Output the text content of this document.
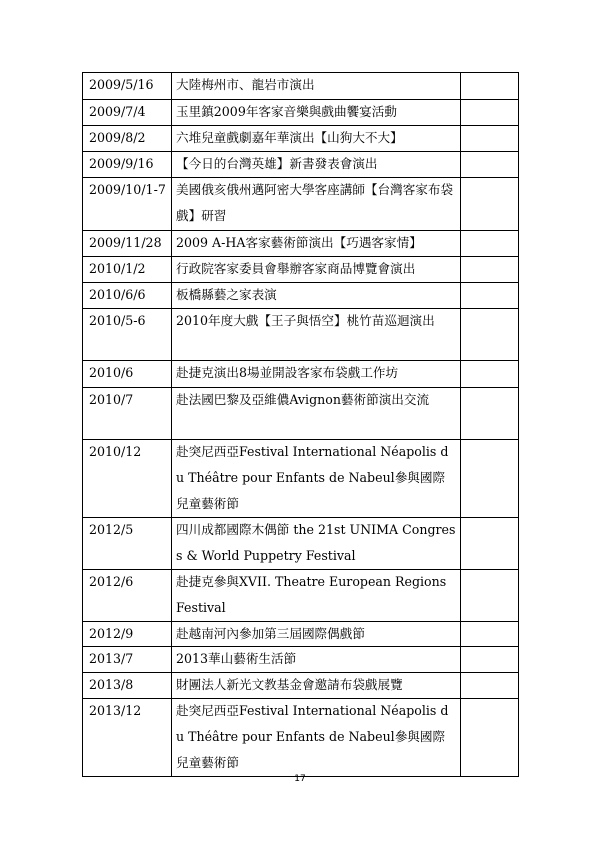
2009/5/16	大陸梅州市、龍岩市演出	

2009/7/4	玉里鎮2009年客家音樂與戲曲饗宴活動	

2009/8/2	六堆兒童戲劇嘉年華演出【山狗大不大】	

2009/9/16	【今日的台灣英雄】新書發表會演出	

2009/10/1-7	美國俄亥俄州邁阿密大學客座講師【台灣客家布袋戲】研習	

2009/11/28	2009 A-HA客家藝術節演出【巧遇客家情】	

2010/1/2	行政院客家委員會舉辦客家商品博覽會演出	

2010/6/6	板橋縣藝之家表演	

2010/5-6	2010年度大戲【王子與悟空】桃竹苗巡迴演出	

2010/6	赴捷克演出8場並開設客家布袋戲工作坊	

2010/7	赴法國巴黎及亞維儂Avignon藝術節演出交流	

2010/12	赴突尼西亞Festival International Néapolis du Théâtre pour Enfants de Nabeul參與國際兒童藝術節	

2012/5	四川成都國際木偶節 the 21st UNIMA Congress & World Puppetry Festival	

2012/6	赴捷克參與XVII. Theatre European Regions Festival	

2012/9	赴越南河內參加第三屆國際偶戲節	

2013/7	2013華山藝術生活節	

2013/8	財團法人新光文教基金會邀請布袋戲展覽	

2013/12	赴突尼西亞Festival International Néapolis du Théâtre pour Enfants de Nabeul參與國際兒童藝術節	

17
